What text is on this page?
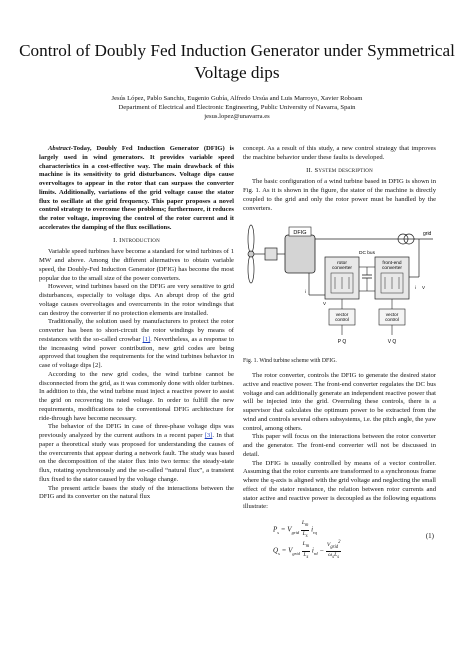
Control of Doubly Fed Induction Generator under Symmetrical Voltage dips
Jesús López, Pablo Sanchis, Eugenio Gubía, Alfredo Ursúa and Luis Marroyo, Xavier Roboam
Department of Electrical and Electronic Engineering, Public University of Navarra, Spain
jesus.lopez@unavarra.es

Abstract-Today, Doubly Fed Induction Generator (DFIG) is largely used in wind generators. It provides variable speed characteristics in a cost-effective way. The main drawback of this machine is its sensitivity to grid disturbances. Voltage dips cause overvoltages to appear in the rotor that can surpass the converter limits. Additionally, variations of the grid voltage cause the stator flux to oscillate at the grid frequency. This paper proposes a novel control strategy to overcome these problems; furthermore, it reduces the rotor voltage, improving the control of the rotor current and it accelerates the damping of the flux oscillations.

I. Introduction

Variable speed turbines have become a standard for wind turbines of 1 MW and above. Among the different alternatives to obtain variable speed, the Doubly-Fed Induction Generator (DFIG) has become the most popular due to the small size of the power converters.

However, wind turbines based on the DFIG are very sensitive to grid disturbances, especially to voltage dips. An abrupt drop of the grid voltage causes overvoltages and overcurrents in the rotor windings that can destroy the converter if no protection elements are installed.

Traditionally, the solution used by manufacturers to protect the rotor converter has been to short-circuit the rotor windings by means of resistances with the so-called crowbar [1]. Nevertheless, as a response to the increasing wind power contribution, new grid codes are being approved that toughen the requirements for the wind turbines behavior in case of voltage dips [2].

According to the new grid codes, the wind turbine cannot be disconnected from the grid, as it was commonly done with older turbines. In addition to this, the wind turbine must inject a reactive power to assist the grid on recovering its rated voltage. In order to fulfill the new requirements, modifications to the conventional DFIG architecture for ride-through have become necessary.

The behavior of the DFIG in case of three-phase voltage dips was previously analyzed by the current authors in a recent paper [3]. In that paper a theoretical study was proposed for understanding the causes of the overcurrents that appear during a network fault. The study was based on the decomposition of the stator flux into two terms: the steady-state flux, rotating synchronously and the so-called “natural flux”, a transient flux fixed to the stator caused by the voltage change.

The present article bases the study of the interactions between the DFIG and its converter on the natural flux

concept. As a result of this study, a new control strategy that improves the machine behavior under these faults is developed.

II. System description

The basic configuration of a wind turbine based in DFIG is shown in Fig. 1. As it is shown in the figure, the stator of the machine is directly coupled to the grid and only the rotor power must be handled by the converters.

DFIG	grid
i
rotor
converter
DC bus
front-end
converter
i V
vector
control
vector
control
P Q	V Q
V
Fig. 1. Wind turbine scheme with DFIG.

The rotor converter, controls the DFIG to generate the desired stator active and reactive power. The front-end converter regulates the DC bus voltage and can additionally generate an independent reactive power that will be injected into the grid. Overruling these controls, there is a supervisor that calculates the optimum power to be extracted from the wind and controls several others subsystems, i.e. the pitch angle, the yaw control, among others.

This paper will focus on the interactions between the rotor converter and the generator. The front-end converter will not be discussed in detail.

The DFIG is usually controlled by means of a vector controller. Assuming that the rotor currents are transformed to a synchronous frame where the q-axis is aligned with the grid voltage and neglecting the small effect of the stator resistance, the relation between rotor currents and stator active and reactive power is decoupled as the following equations illustrate:

$P_s = V_{grid} \frac{L_m}{L_s} i_{rq}$
$Q_s = V_{grid} \frac{L_m}{L_s} i_{rd} - \frac{V_{grid}^2}{\omega_sL_s}$
(1)
